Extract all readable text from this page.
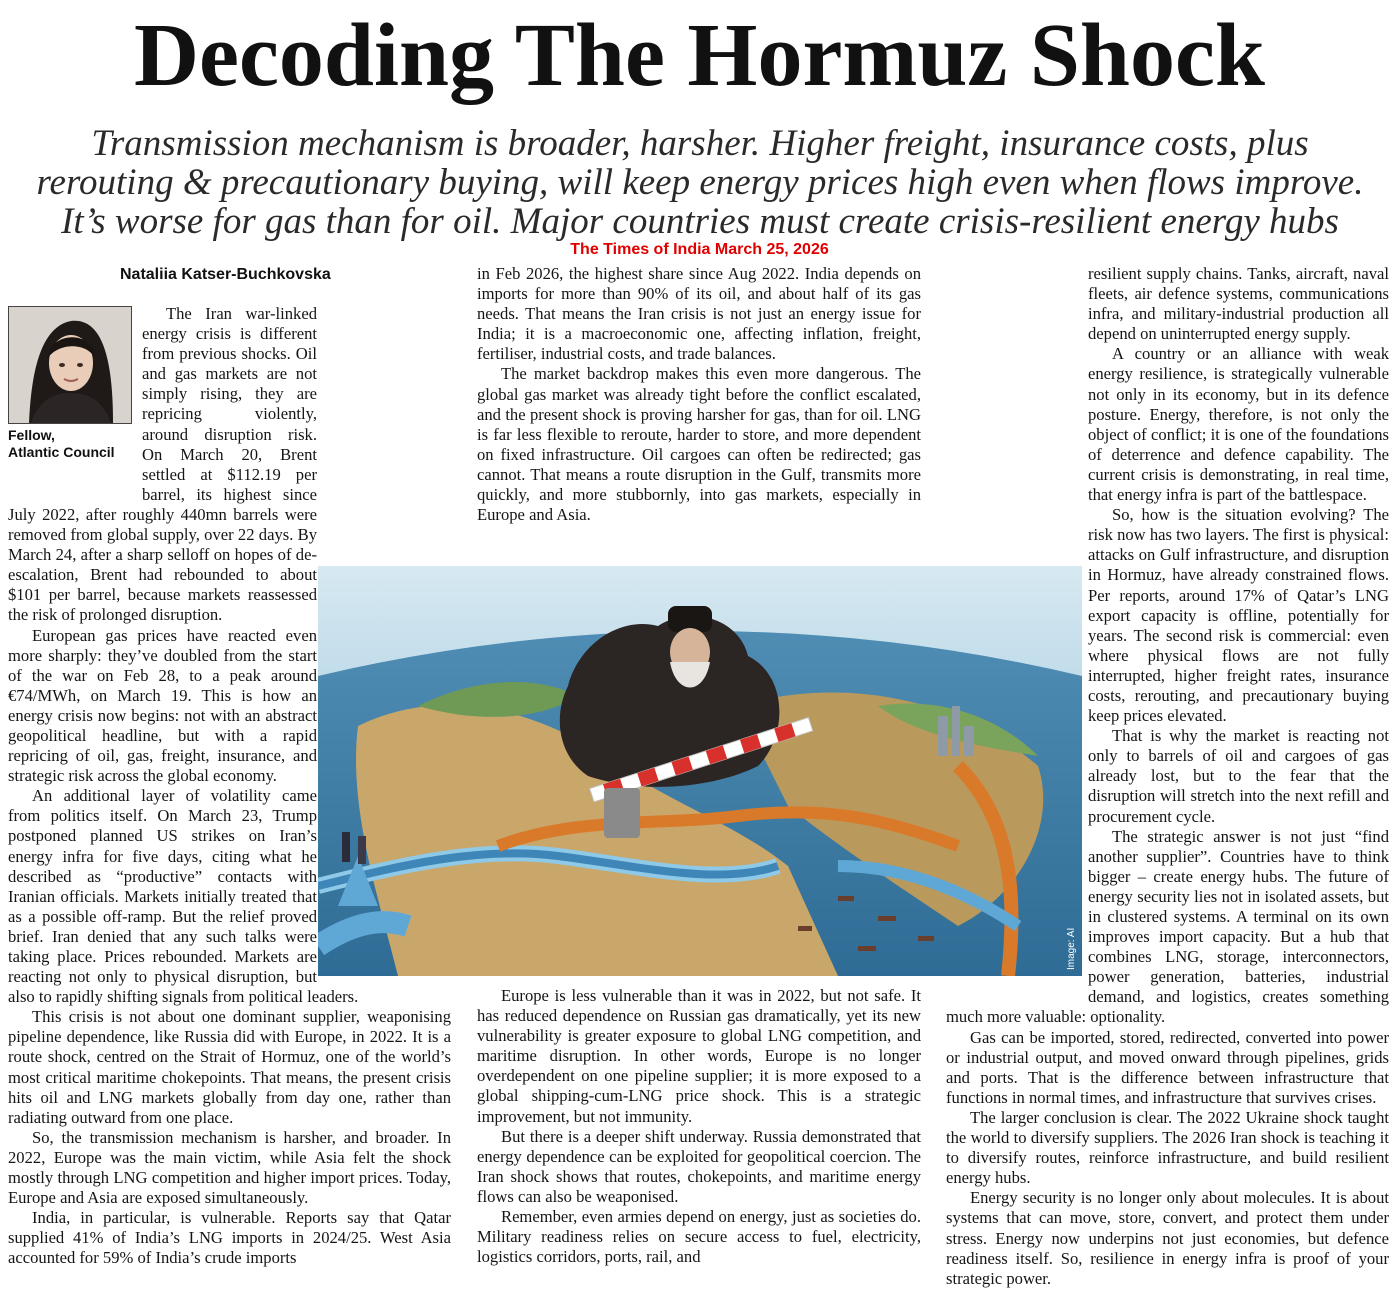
Decoding The Hormuz Shock

Transmission mechanism is broader, harsher. Higher freight, insurance costs, plus rerouting & precautionary buying, will keep energy prices high even when flows improve. It’s worse for gas than for oil. Major countries must create crisis-resilient energy hubs

The Times of India March 25, 2026
Nataliia Katser-Buchkovska
Fellow,
Atlantic Council

The Iran war-linked energy crisis is different from previous shocks. Oil and gas markets are not simply rising, they are repricing violently, around disruption risk. On March 20, Brent settled at $112.19 per barrel, its highest since July 2022, after roughly 440mn barrels were removed from global supply, over 22 days. By March 24, after a sharp selloff on hopes of de-escalation, Brent had rebounded to about $101 per barrel, because markets reassessed the risk of prolonged disruption.

European gas prices have reacted even more sharply: they’ve doubled from the start of the war on Feb 28, to a peak around €74/MWh, on March 19. This is how an energy crisis now begins: not with an abstract geopolitical headline, but with a rapid repricing of oil, gas, freight, insurance, and strategic risk across the global economy.

An additional layer of volatility came from politics itself. On March 23, Trump postponed planned US strikes on Iran’s energy infra for five days, citing what he described as “productive” contacts with Iranian officials. Markets initially treated that as a possible off-ramp. But the relief proved brief. Iran denied that any such talks were taking place. Prices rebounded. Markets are reacting not only to physical disruption, but also to rapidly shifting signals from political leaders.

This crisis is not about one dominant supplier, weaponising pipeline dependence, like Russia did with Europe, in 2022. It is a route shock, centred on the Strait of Hormuz, one of the world’s most critical maritime chokepoints. That means, the present crisis hits oil and LNG markets globally from day one, rather than radiating outward from one place.

So, the transmission mechanism is harsher, and broader. In 2022, Europe was the main victim, while Asia felt the shock mostly through LNG competition and higher import prices. Today, Europe and Asia are exposed simultaneously.

India, in particular, is vulnerable. Reports say that Qatar supplied 41% of India’s LNG imports in 2024/25. West Asia accounted for 59% of India’s crude imports

in Feb 2026, the highest share since Aug 2022. India depends on imports for more than 90% of its oil, and about half of its gas needs. That means the Iran crisis is not just an energy issue for India; it is a macroeconomic one, affecting inflation, freight, fertiliser, industrial costs, and trade balances.

The market backdrop makes this even more dangerous. The global gas market was already tight before the conflict escalated, and the present shock is proving harsher for gas, than for oil. LNG is far less flexible to reroute, harder to store, and more dependent on fixed infrastructure. Oil cargoes can often be redirected; gas cannot. That means a route disruption in the Gulf, transmits more quickly, and more stubbornly, into gas markets, especially in Europe and Asia.

Europe is less vulnerable than it was in 2022, but not safe. It has reduced dependence on Russian gas dramatically, yet its new vulnerability is greater exposure to global LNG competition, and maritime disruption. In other words, Europe is no longer overdependent on one pipeline supplier; it is more exposed to a global shipping-cum-LNG price shock. This is a strategic improvement, but not immunity.

But there is a deeper shift underway. Russia demonstrated that energy dependence can be exploited for geopolitical coercion. The Iran shock shows that routes, chokepoints, and maritime energy flows can also be weaponised.

Remember, even armies depend on energy, just as societies do. Military readiness relies on secure access to fuel, electricity, logistics corridors, ports, rail, and

resilient supply chains. Tanks, aircraft, naval fleets, air defence systems, communications infra, and military-industrial production all depend on uninterrupted energy supply.

A country or an alliance with weak energy resilience, is strategically vulnerable not only in its economy, but in its defence posture. Energy, therefore, is not only the object of conflict; it is one of the foundations of deterrence and defence capability. The current crisis is demonstrating, in real time, that energy infra is part of the battlespace.

So, how is the situation evolving? The risk now has two layers. The first is physical: attacks on Gulf infrastructure, and disruption in Hormuz, have already constrained flows. Per reports, around 17% of Qatar’s LNG export capacity is offline, potentially for years. The second risk is commercial: even where physical flows are not fully interrupted, higher freight rates, insurance costs, rerouting, and precautionary buying keep prices elevated.

That is why the market is reacting not only to barrels of oil and cargoes of gas already lost, but to the fear that the disruption will stretch into the next refill and procurement cycle.

The strategic answer is not just “find another supplier”. Countries have to think bigger – create energy hubs. The future of energy security lies not in isolated assets, but in clustered systems. A terminal on its own improves import capacity. But a hub that combines LNG, storage, interconnectors, power generation, batteries, industrial demand, and logistics, creates something much more valuable: optionality.

Gas can be imported, stored, redirected, converted into power or industrial output, and moved onward through pipelines, grids and ports. That is the difference between infrastructure that functions in normal times, and infrastructure that survives crises.

The larger conclusion is clear. The 2022 Ukraine shock taught the world to diversify suppliers. The 2026 Iran shock is teaching it to diversify routes, reinforce infrastructure, and build resilient energy hubs.

Energy security is no longer only about molecules. It is about systems that can move, store, convert, and protect them under stress. Energy now underpins not just economies, but defence readiness itself. So, resilience in energy infra is proof of your strategic power.

Image: AI
